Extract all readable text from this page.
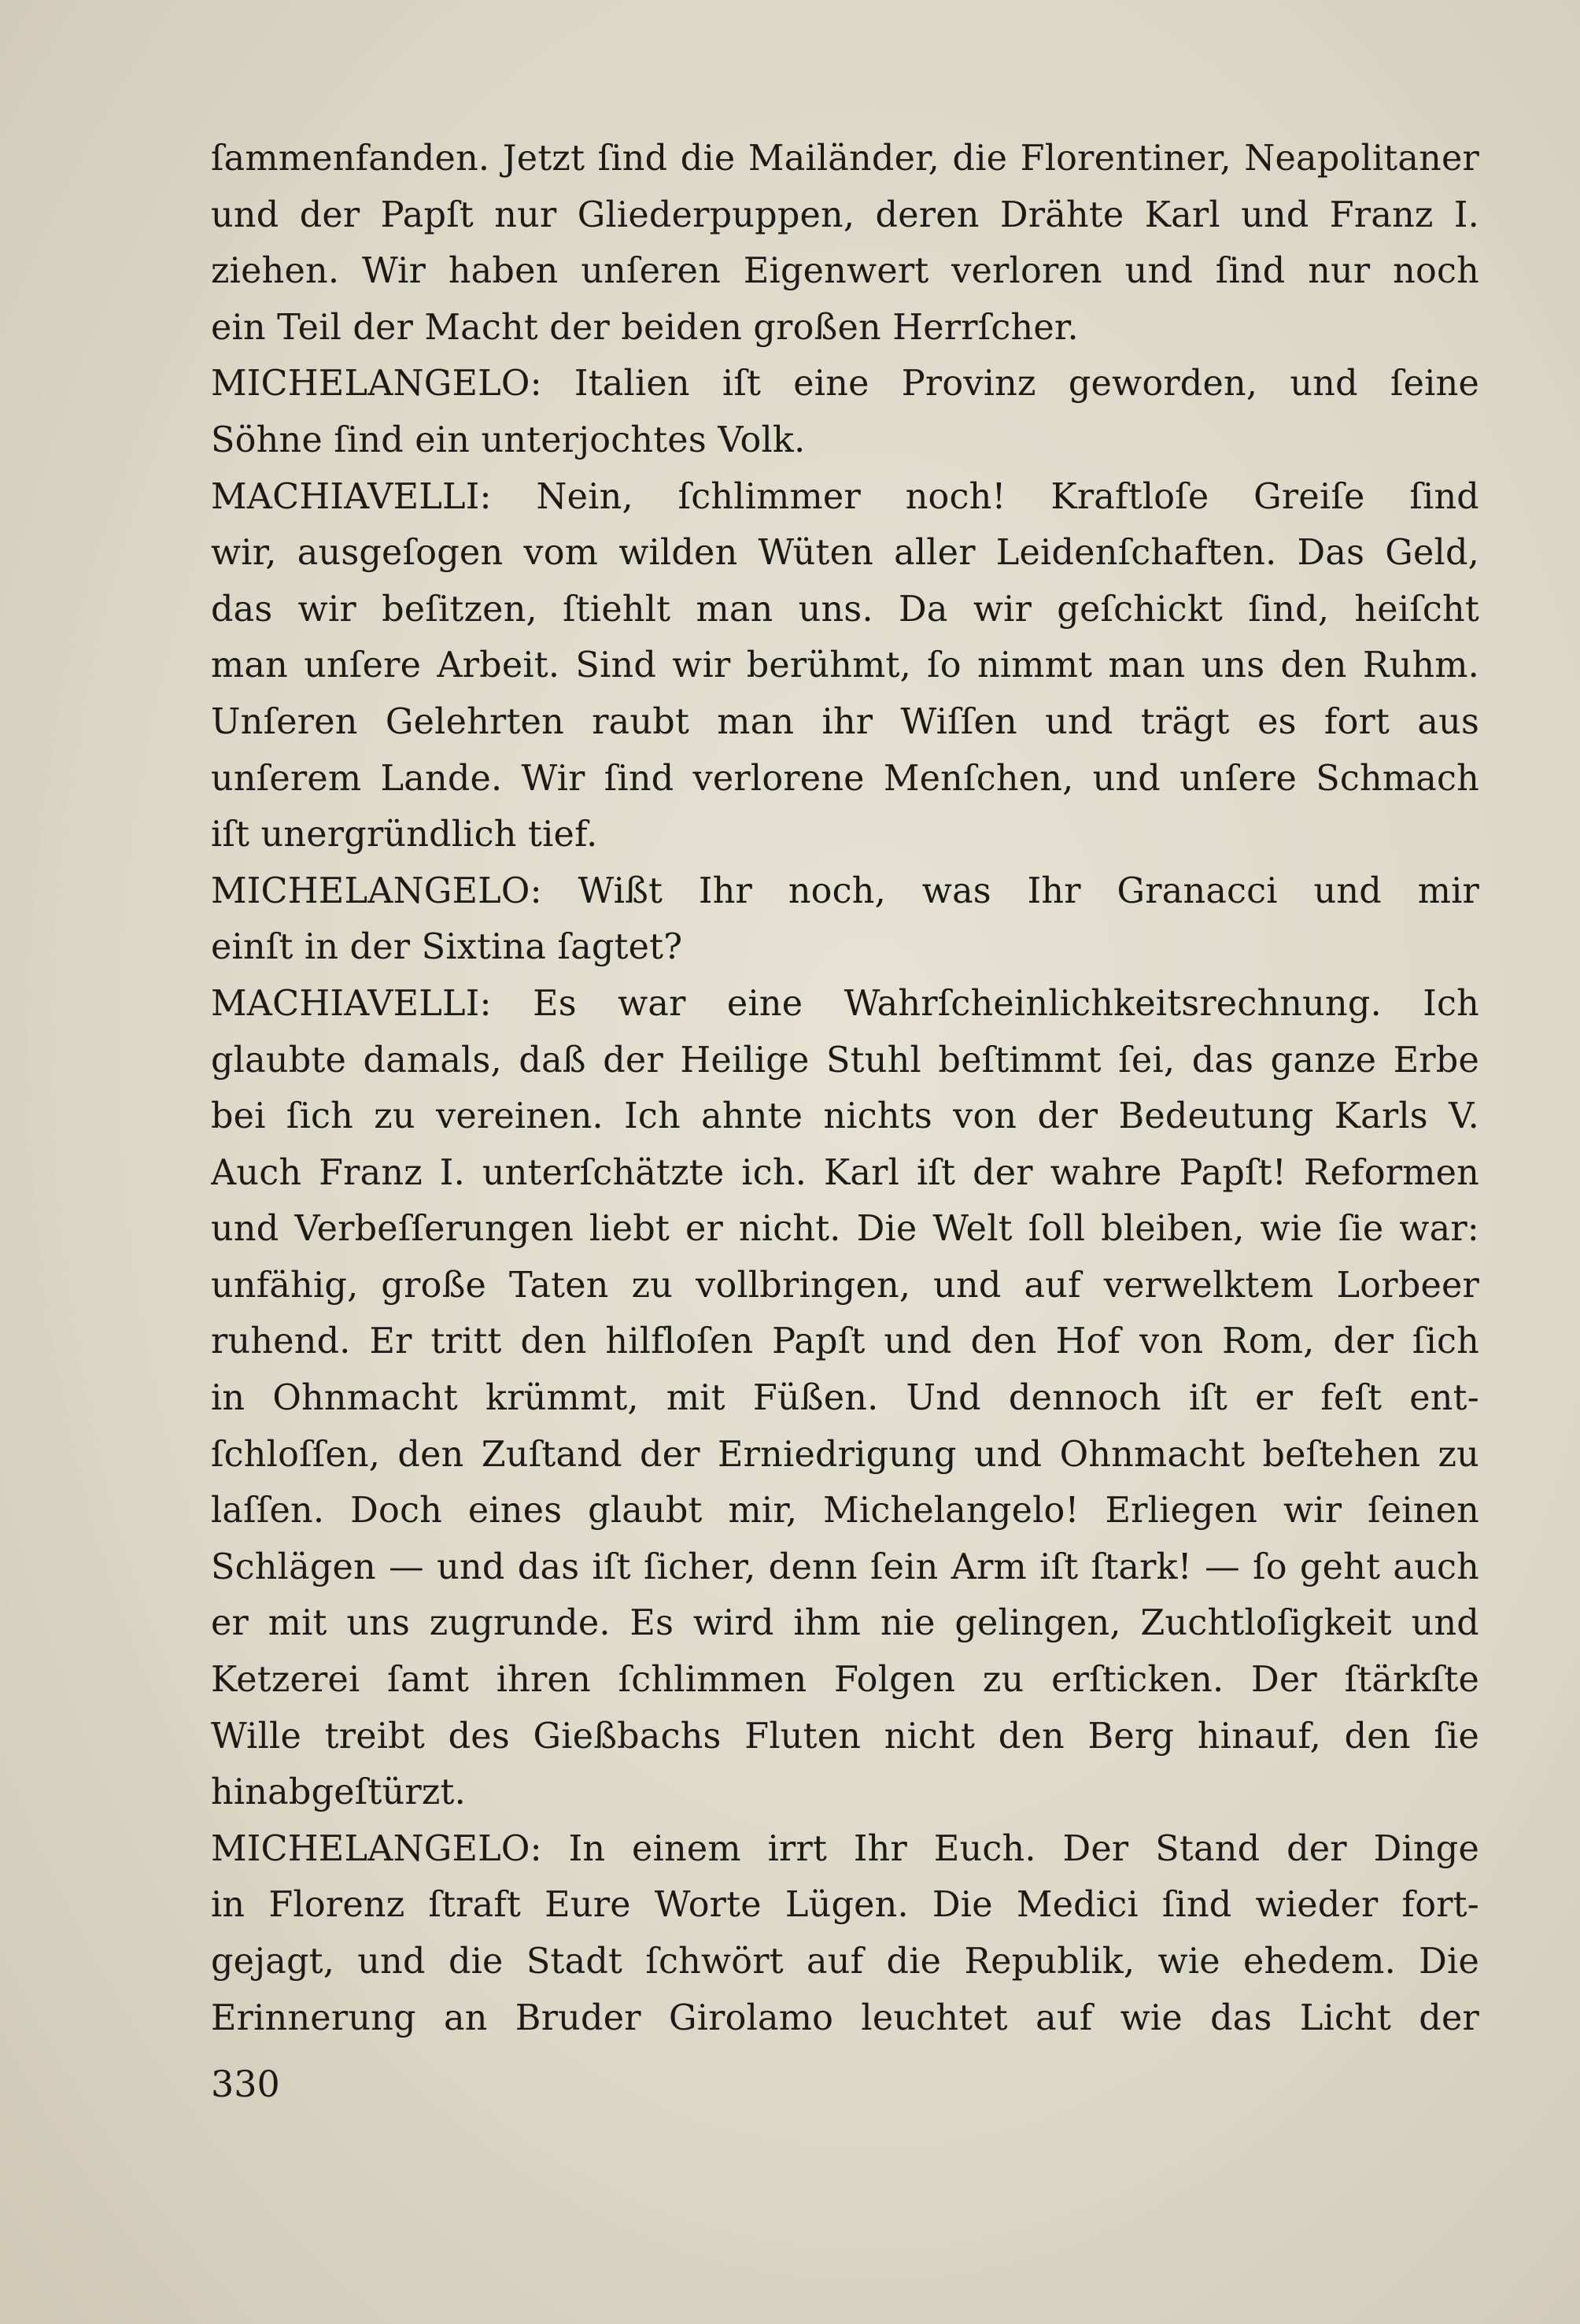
ſammenfanden. Jetzt ſind die Mailänder, die Florentiner, Neapolitaner
und der Papſt nur Gliederpuppen, deren Drähte Karl und Franz I.
ziehen. Wir haben unſeren Eigenwert verloren und ſind nur noch
ein Teil der Macht der beiden großen Herrſcher.
MICHELANGELO: Italien iſt eine Provinz geworden, und ſeine
Söhne ſind ein unterjochtes Volk.
MACHIAVELLI: Nein, ſchlimmer noch! Kraftloſe Greiſe ſind
wir, ausgeſogen vom wilden Wüten aller Leidenſchaften. Das Geld,
das wir beſitzen, ſtiehlt man uns. Da wir geſchickt ſind, heiſcht
man unſere Arbeit. Sind wir berühmt, ſo nimmt man uns den Ruhm.
Unſeren Gelehrten raubt man ihr Wiſſen und trägt es fort aus
unſerem Lande. Wir ſind verlorene Menſchen, und unſere Schmach
iſt unergründlich tief.
MICHELANGELO: Wißt Ihr noch, was Ihr Granacci und mir
einſt in der Sixtina ſagtet?
MACHIAVELLI: Es war eine Wahrſcheinlichkeitsrechnung. Ich
glaubte damals, daß der Heilige Stuhl beſtimmt ſei, das ganze Erbe
bei ſich zu vereinen. Ich ahnte nichts von der Bedeutung Karls V.
Auch Franz I. unterſchätzte ich. Karl iſt der wahre Papſt! Reformen
und Verbeſſerungen liebt er nicht. Die Welt ſoll bleiben, wie ſie war:
unfähig, große Taten zu vollbringen, und auf verwelktem Lorbeer
ruhend. Er tritt den hilfloſen Papſt und den Hof von Rom, der ſich
in Ohnmacht krümmt, mit Füßen. Und dennoch iſt er feſt ent-
ſchloſſen, den Zuſtand der Erniedrigung und Ohnmacht beſtehen zu
laſſen. Doch eines glaubt mir, Michelangelo! Erliegen wir ſeinen
Schlägen — und das iſt ſicher, denn ſein Arm iſt ſtark! — ſo geht auch
er mit uns zugrunde. Es wird ihm nie gelingen, Zuchtloſigkeit und
Ketzerei ſamt ihren ſchlimmen Folgen zu erſticken. Der ſtärkſte
Wille treibt des Gießbachs Fluten nicht den Berg hinauf, den ſie
hinabgeſtürzt.
MICHELANGELO: In einem irrt Ihr Euch. Der Stand der Dinge
in Florenz ſtraft Eure Worte Lügen. Die Medici ſind wieder fort-
gejagt, und die Stadt ſchwört auf die Republik, wie ehedem. Die
Erinnerung an Bruder Girolamo leuchtet auf wie das Licht der
330
